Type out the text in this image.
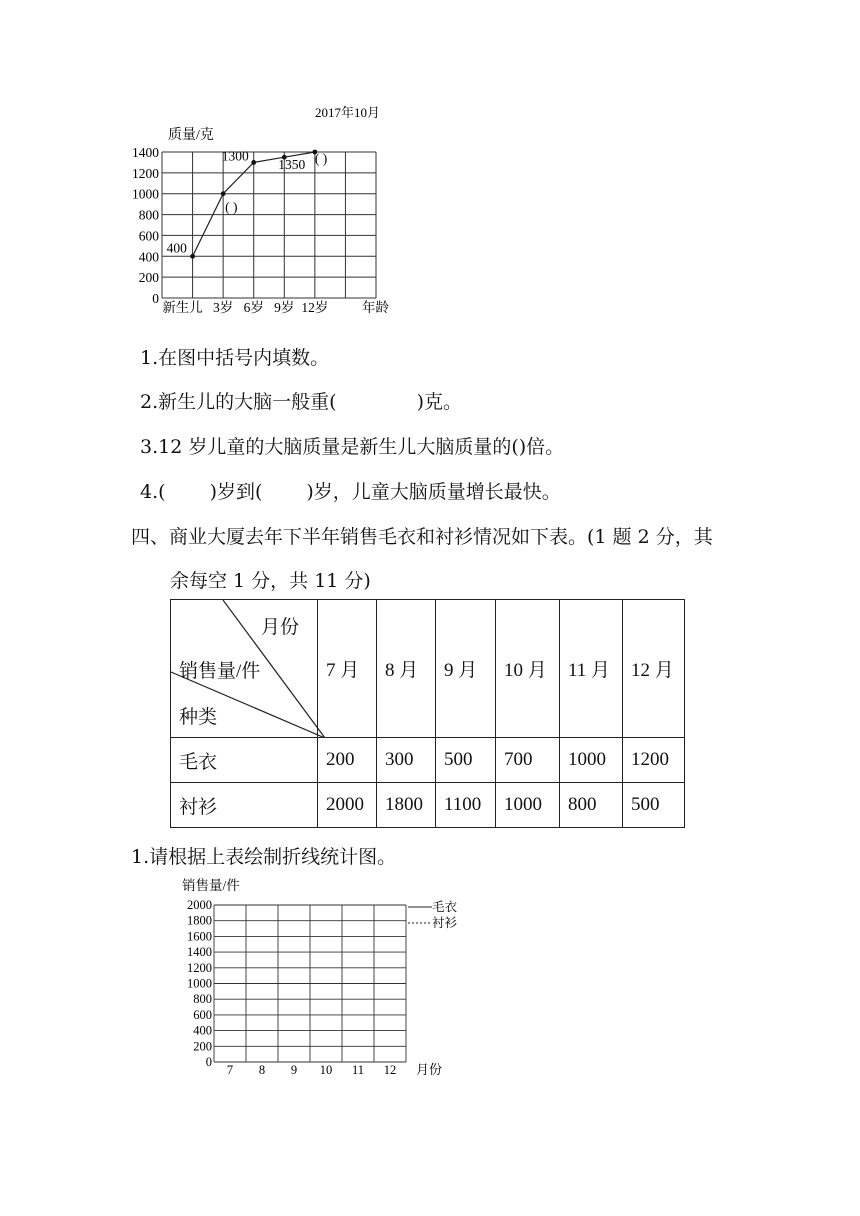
2017年10月
质量/克
0
200
400
600
800
1000
1200
1400
新生儿 3岁 6岁 9岁 12岁
400
( )
1300
1350 ( )
年龄
1.在图中括号内填数。
2.新生儿的大脑一般重(	)克。
3.12 岁儿童的大脑质量是新生儿大脑质量的()倍。
4.( )岁到( )岁，儿童大脑质量增长最快。
四、商业大厦去年下半年销售毛衣和衬衫情况如下表。(1 题 2 分，其
余每空 1 分，共 11 分)
月份
销售量/件
种类	7 月	8 月	9 月	10 月	11 月	12 月
毛衣	200	300	500	700	1000	1200
衬衫	2000	1800	1100	1000	800	500
1.请根据上表绘制折线统计图。
销售量/件
0
200
400
600
800
1000
1200
1400
1600
1800
2000
7 8 9 10 11 12
毛衣
衬衫
月份
